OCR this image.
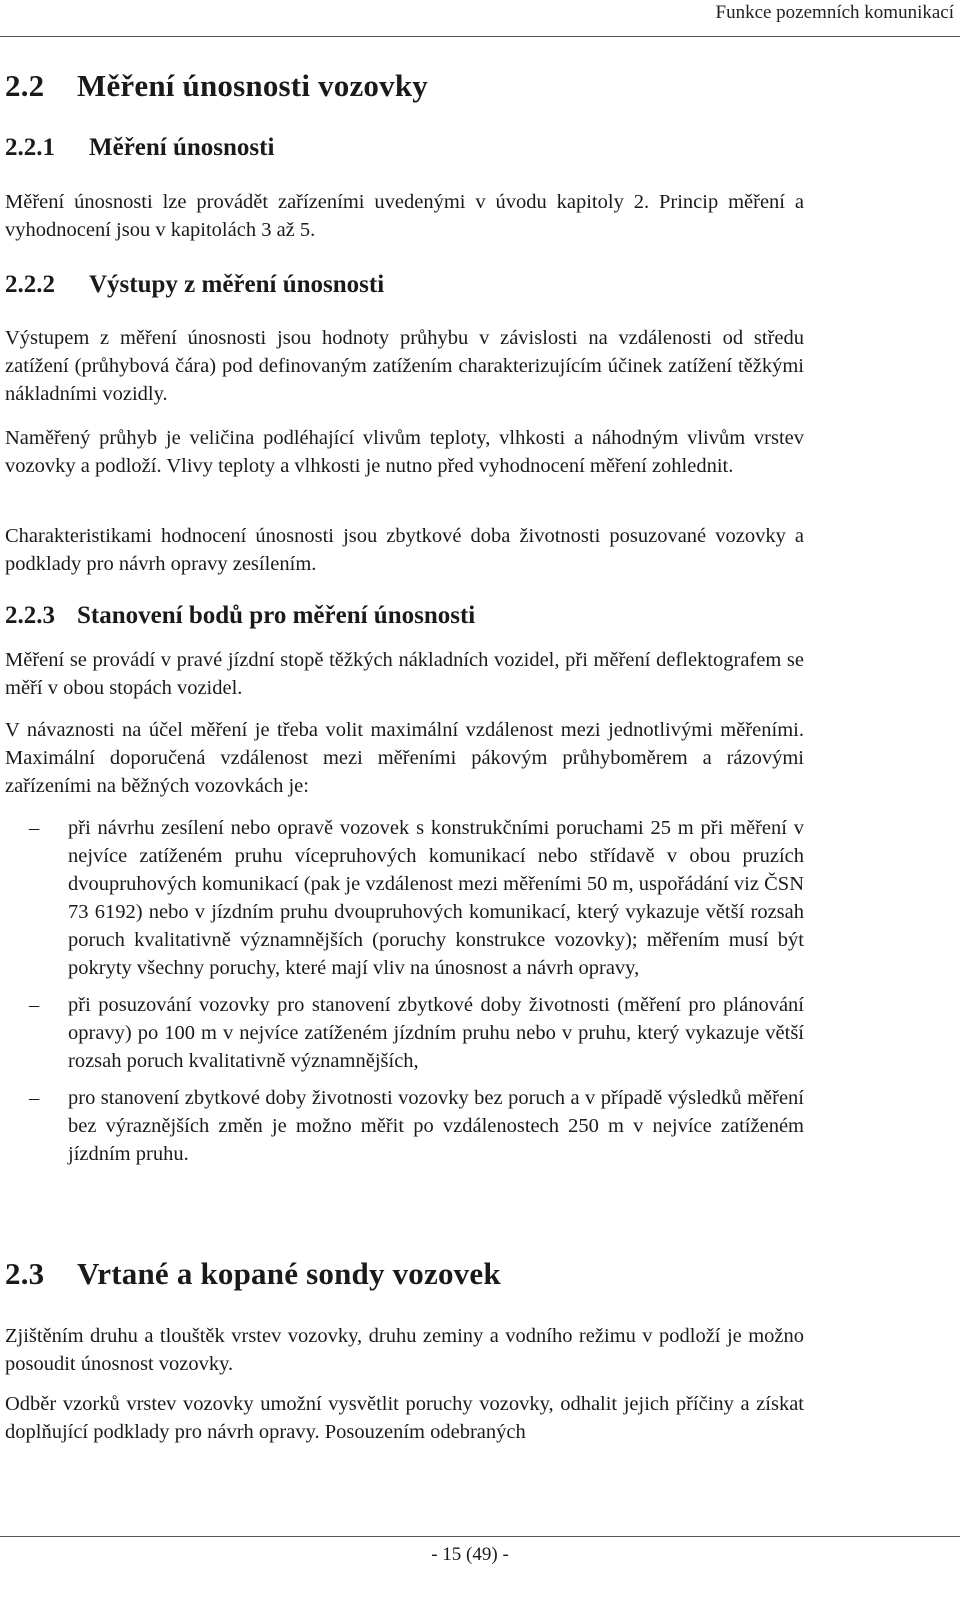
Funkce pozemních komunikací
2.2 Měření únosnosti vozovky
2.2.1 Měření únosnosti

Měření únosnosti lze provádět zařízeními uvedenými v úvodu kapitoly 2. Princip měření a vyhodnocení jsou v kapitolách 3 až 5.

2.2.2 Výstupy z měření únosnosti

Výstupem z měření únosnosti jsou hodnoty průhybu v závislosti na vzdálenosti od středu zatížení (průhybová čára) pod definovaným zatížením charakterizujícím účinek zatížení těžkými nákladními vozidly.

Naměřený průhyb je veličina podléhající vlivům teploty, vlhkosti a náhodným vlivům vrstev vozovky a podloží. Vlivy teploty a vlhkosti je nutno před vyhodnocení měření zohlednit.

Charakteristikami hodnocení únosnosti jsou zbytkové doba životnosti posuzované vozovky a podklady pro návrh opravy zesílením.

2.2.3 Stanovení bodů pro měření únosnosti

Měření se provádí v pravé jízdní stopě těžkých nákladních vozidel, při měření deflektografem se měří v obou stopách vozidel.

V návaznosti na účel měření je třeba volit maximální vzdálenost mezi jednotlivými měřeními. Maximální doporučená vzdálenost mezi měřeními pákovým průhyboměrem a rázovými zařízeními na běžných vozovkách je:

– při návrhu zesílení nebo opravě vozovek s konstrukčními poruchami 25 m při měření v nejvíce zatíženém pruhu vícepruhových komunikací nebo střídavě v obou pruzích dvoupruhových komunikací (pak je vzdálenost mezi měřeními 50 m, uspořádání viz ČSN 73 6192) nebo v jízdním pruhu dvoupruhových komunikací, který vykazuje větší rozsah poruch kvalitativně významnějších (poruchy konstrukce vozovky); měřením musí být pokryty všechny poruchy, které mají vliv na únosnost a návrh opravy,
– při posuzování vozovky pro stanovení zbytkové doby životnosti (měření pro plánování opravy) po 100 m v nejvíce zatíženém jízdním pruhu nebo v pruhu, který vykazuje větší rozsah poruch kvalitativně významnějších,
– pro stanovení zbytkové doby životnosti vozovky bez poruch a v případě výsledků měření bez výraznějších změn je možno měřit po vzdálenostech 250 m v nejvíce zatíženém jízdním pruhu.
2.3 Vrtané a kopané sondy vozovek

Zjištěním druhu a tlouštěk vrstev vozovky, druhu zeminy a vodního režimu v podloží je možno posoudit únosnost vozovky.

Odběr vzorků vrstev vozovky umožní vysvětlit poruchy vozovky, odhalit jejich příčiny a získat doplňující podklady pro návrh opravy. Posouzením odebraných

- 15 (49) -
